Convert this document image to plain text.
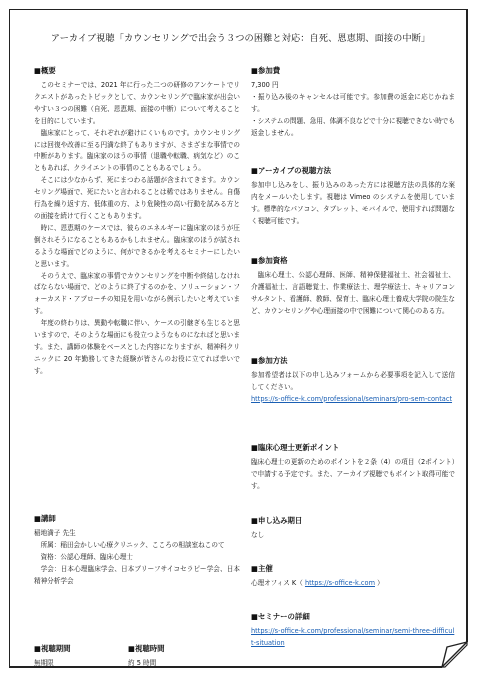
アーカイブ視聴「カウンセリングで出会う３つの困難と対応：自死、恩恵期、面接の中断」
■概要

このセミナーでは、2021 年に行った二つの研修のアンケートでリクエストがあったトピックとして、カウンセリングで臨床家が出会いやすい３つの困難（自死、恩恵期、面接の中断）について考えることを目的にしています。

臨床家にとって、それぞれが避けにくいものです。カウンセリングには回復や改善に至る円満な終了もありますが、さまざまな事情での中断があります。臨床家のほうの事情（退職や転職、病気など）のこともあれば、クライエントの事情のこともあるでしょう。

そこには少なからず、死にまつわる話題が含まれてきます。カウンセリング場面で、死にたいと言われることは稀ではありません。自傷行為を繰り返す方、低体重の方、より危険性の高い行動を試みる方との面接を続けて行くこともあります。

時に、恩恵期のケースでは、彼らのエネルギーに臨床家のほうが圧倒されそうになることもあるかもしれません。臨床家のほうが試されるような場面でどのように、何ができるかを考えるセミナーにしたいと思います。

そのうえで、臨床家の事情でカウンセリングを中断や終結しなければならない場面で、どのように終了するのかを、ソリューション・フォーカスド・アプローチの知見を用いながら例示したいと考えています。

年度の終わりは、異動や転職に伴い、ケースの引継ぎも生じると思いますので、そのような場面にも役立つようなものになればと思います。また、講師の体験をベースとした内容になりますが、精神科クリニックに 20 年勤務してきた経験が皆さんのお役に立てれば幸いです。

■講師

稲地満子 先生

所属：稲田会かしい心療クリニック、こころの相談室ねこのて

資格：公認心理師、臨床心理士

学会：日本心理臨床学会、日本ブリーフサイコセラピー学会、日本精神分析学会

■視聴期間

無期限

■視聴時間

約 5 時間

■参加費

7,300 円

・振り込み後のキャンセルは可能です。参加費の返金に応じかねます。

・システムの問題、急用、体調不良などで十分に視聴できない時でも返金しません。

■アーカイブの視聴方法

参加申し込みをし、振り込みのあった方には視聴方法の具体的な案内をメールいたします。視聴は Vimeo のシステムを使用しています。標準的なパソコン、タブレット、モバイルで、使用すれば問題なく視聴可能です。

■参加資格

臨床心理士、公認心理師、医師、精神保健福祉士、社会福祉士、介護福祉士、言語聴覚士、作業療法士、理学療法士、キャリアコンサルタント、看護師、教師、保育士、臨床心理士養成大学院の院生など、カウンセリングや心理面接の中で困難について関心のある方。

■参加方法

参加希望者は以下の申し込みフォームから必要事項を記入して送信してください。

https://s-office-k.com/professional/seminars/pro-sem-contact

■臨床心理士更新ポイント

臨床心理士の更新のためのポイントを２条（4）の項目（2ポイント）で申請する予定です。また、アーカイブ視聴でもポイント取得可能です。

■申し込み期日

なし

■主催

心理オフィス K（ https://s-office-k.com ）

■セミナーの詳細

https://s-office-k.com/professional/seminar/semi-three-difficult-situation
